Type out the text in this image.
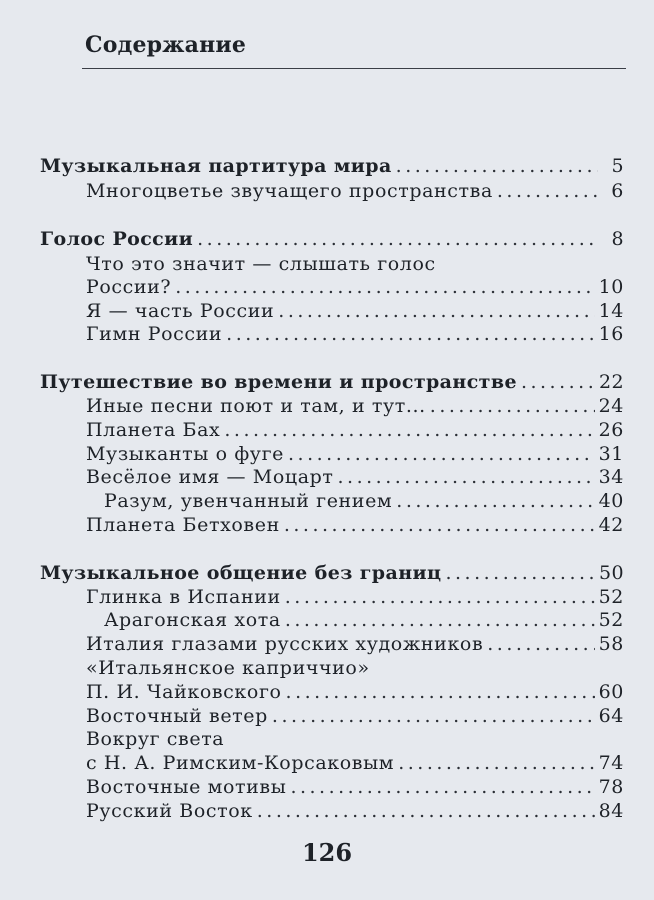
Содержание
Музыкальная партитура мира .....	5
Многоцветье звучащего пространства .....	6
Голос России .....	8
Что это значит — слышать голос
России? .....	10
Я — часть России .....	14
Гимн России .....	16
Путешествие во времени и пространстве .....	22
Иные песни поют и там, и тут... .....	24
Планета Бах .....	26
Музыканты о фуге .....	31
Весёлое имя — Моцарт .....	34
Разум, увенчанный гением .....	40
Планета Бетховен .....	42
Музыкальное общение без границ .....	50
Глинка в Испании .....	52
Арагонская хота .....	52
Италия глазами русских художников .....	58
«Итальянское каприччио»
П. И. Чайковского .....	60
Восточный ветер .....	64
Вокруг света
с Н. А. Римским-Корсаковым .....	74
Восточные мотивы .....	78
Русский Восток .....	84
126
